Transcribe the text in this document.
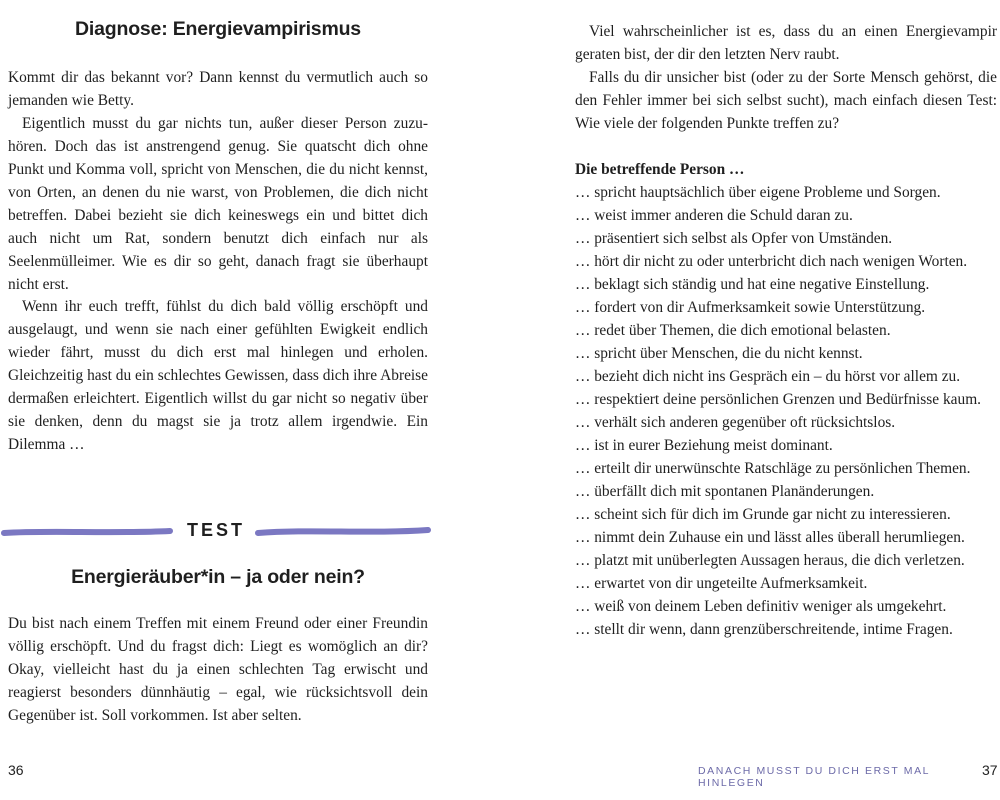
Diagnose: Energievampirismus

Kommt dir das bekannt vor? Dann kennst du vermutlich auch so jemanden wie Betty.

Eigentlich musst du gar nichts tun, außer dieser Person zuzuhören. Doch das ist anstrengend genug. Sie quatscht dich ohne Punkt und Komma voll, spricht von Menschen, die du nicht kennst, von Orten, an denen du nie warst, von Problemen, die dich nicht betreffen. Dabei bezieht sie dich keineswegs ein und bittet dich auch nicht um Rat, sondern benutzt dich einfach nur als Seelenmülleimer. Wie es dir so geht, danach fragt sie überhaupt nicht erst.

Wenn ihr euch trefft, fühlst du dich bald völlig erschöpft und ausgelaugt, und wenn sie nach einer gefühlten Ewigkeit endlich wieder fährt, musst du dich erst mal hinlegen und erholen. Gleichzeitig hast du ein schlechtes Gewissen, dass dich ihre Abreise dermaßen erleichtert. Eigentlich willst du gar nicht so negativ über sie denken, denn du magst sie ja trotz allem irgendwie. Ein Dilemma …

TEST
Energieräuber*in – ja oder nein?

Du bist nach einem Treffen mit einem Freund oder einer Freundin völlig erschöpft. Und du fragst dich: Liegt es womöglich an dir? Okay, vielleicht hast du ja einen schlechten Tag erwischt und reagierst besonders dünnhäutig – egal, wie rücksichtsvoll dein Gegenüber ist. Soll vorkommen. Ist aber selten.

36

Viel wahrscheinlicher ist es, dass du an einen Energievampir geraten bist, der dir den letzten Nerv raubt.

Falls du dir unsicher bist (oder zu der Sorte Mensch gehörst, die den Fehler immer bei sich selbst sucht), mach einfach diesen Test: Wie viele der folgenden Punkte treffen zu?

Die betreffende Person …

… spricht hauptsächlich über eigene Probleme und Sorgen.
… weist immer anderen die Schuld daran zu.
… präsentiert sich selbst als Opfer von Umständen.
… hört dir nicht zu oder unterbricht dich nach wenigen Worten.
… beklagt sich ständig und hat eine negative Einstellung.
… fordert von dir Aufmerksamkeit sowie Unterstützung.
… redet über Themen, die dich emotional belasten.
… spricht über Menschen, die du nicht kennst.
… bezieht dich nicht ins Gespräch ein – du hörst vor allem zu.
… respektiert deine persönlichen Grenzen und Bedürfnisse kaum.
… verhält sich anderen gegenüber oft rücksichtslos.
… ist in eurer Beziehung meist dominant.
… erteilt dir unerwünschte Ratschläge zu persönlichen Themen.
… überfällt dich mit spontanen Planänderungen.
… scheint sich für dich im Grunde gar nicht zu interessieren.
… nimmt dein Zuhause ein und lässt alles überall herumliegen.
… platzt mit unüberlegten Aussagen heraus, die dich verletzen.
… erwartet von dir ungeteilte Aufmerksamkeit.
… weiß von deinem Leben definitiv weniger als umgekehrt.
… stellt dir wenn, dann grenzüberschreitende, intime Fragen.
DANACH MUSST DU DICH ERST MAL HINLEGEN
37
